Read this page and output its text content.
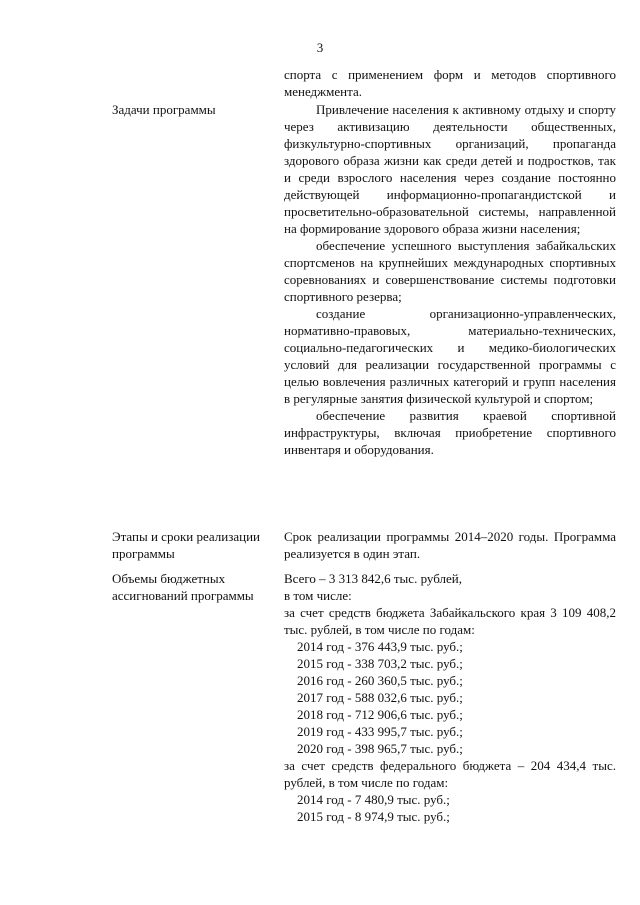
3

спорта с применением форм и методов спортивного менеджмента.

Задачи программы	Привлечение населения к активному отдыху и спорту через активизацию деятельности общественных, физкультурно-спортивных организаций, пропаганда здорового образа жизни как среди детей и подростков, так и среди взрослого населения через создание постоянно действующей информационно-пропагандистской и просветительно-образовательной системы, направленной на формирование здорового образа жизни населения;

обеспечение успешного выступления забайкальских спортсменов на крупнейших международных спортивных соревнованиях и совершенствование системы подготовки спортивного резерва;

создание организационно-управленческих, нормативно-правовых, материально-технических, социально-педагогических и медико-биологических условий для реализации государственной программы с целью вовлечения различных категорий и групп населения в регулярные занятия физической культурой и спортом;

обеспечение развития краевой спортивной инфраструктуры, включая приобретение спортивного инвентаря и оборудования.

Этапы и сроки реализации программы

Срок реализации программы 2014–2020 годы. Программа реализуется в один этап.

Объемы бюджетных ассигнований программы

Всего – 3 313 842,6 тыс. рублей,

в том числе:

за счет средств бюджета Забайкальского края 3 109 408,2 тыс. рублей, в том числе по годам:

2014 год - 376 443,9 тыс. руб.;
2015 год - 338 703,2 тыс. руб.;
2016 год - 260 360,5 тыс. руб.;
2017 год - 588 032,6 тыс. руб.;
2018 год - 712 906,6 тыс. руб.;
2019 год - 433 995,7 тыс. руб.;
2020 год - 398 965,7 тыс. руб.;

за счет средств федерального бюджета – 204 434,4 тыс. рублей, в том числе по годам:

2014 год - 7 480,9 тыс. руб.;
2015 год - 8 974,9 тыс. руб.;
